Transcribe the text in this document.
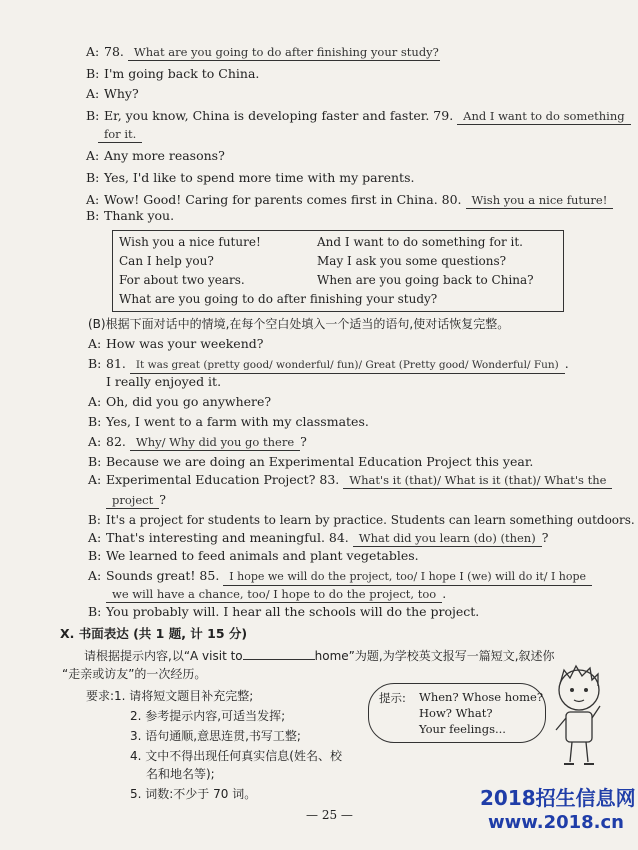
A: 78. What are you going to do after finishing your study?
B: I'm going back to China.
A: Why?
B: Er, you know, China is developing faster and faster. 79. And I want to do something
for it.
A: Any more reasons?
B: Yes, I'd like to spend more time with my parents.
A: Wow! Good! Caring for parents comes first in China. 80. Wish you a nice future!
B: Thank you.
Wish you a nice future!	And I want to do something for it.
Can I help you?	May I ask you some questions?
For about two years.	When are you going back to China?
What are you going to do after finishing your study?
(B)根据下面对话中的情境,在每个空白处填入一个适当的语句,使对话恢复完整。
A: How was your weekend?
B: 81. It was great (pretty good/ wonderful/ fun)/ Great (Pretty good/ Wonderful/ Fun) .
I really enjoyed it.
A: Oh, did you go anywhere?
B: Yes, I went to a farm with my classmates.
A: 82. Why/ Why did you go there ?
B: Because we are doing an Experimental Education Project this year.
A: Experimental Education Project? 83. What's it (that)/ What is it (that)/ What's the
project ?
B: It's a project for students to learn by practice. Students can learn something outdoors.
A: That's interesting and meaningful. 84. What did you learn (do) (then) ?
B: We learned to feed animals and plant vegetables.
A: Sounds great! 85. I hope we will do the project, too/ I hope I (we) will do it/ I hope
we will have a chance, too/ I hope to do the project, too .
B: You probably will. I hear all the schools will do the project.
X. 书面表达 (共 1 题, 计 15 分)
请根据提示内容,以“A visit to	home”为题,为学校英文报写一篇短文,叙述你
“走亲或访友”的一次经历。
要求:1. 请将短文题目补充完整;
2. 参考提示内容,可适当发挥;
3. 语句通顺,意思连贯,书写工整;
4. 文中不得出现任何真实信息(姓名、校
名和地名等);
5. 词数:不少于 70 词。
提示: When? Whose home?
How? What?
Your feelings...
— 25 —
2018招生信息网
www.2018.cn
